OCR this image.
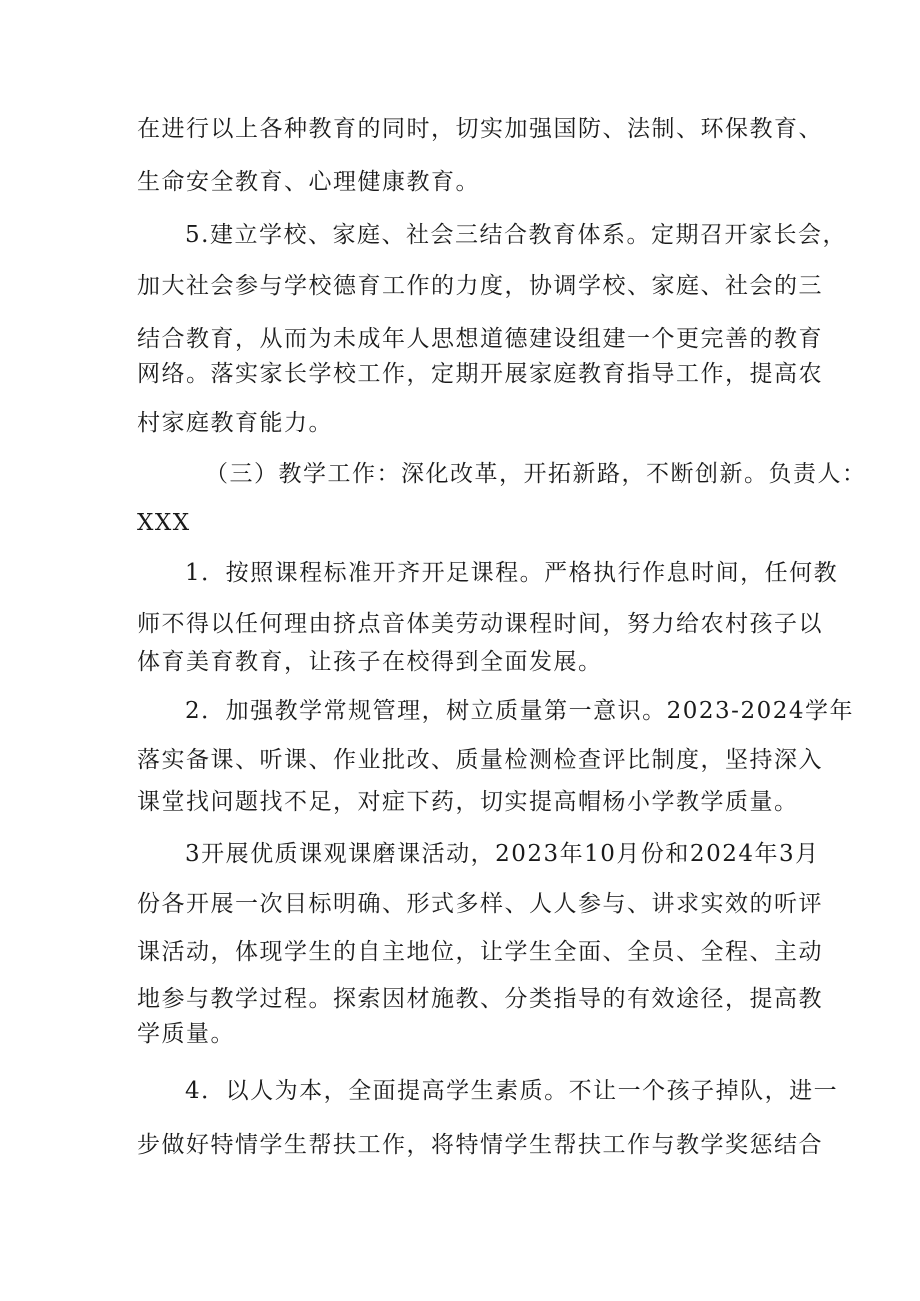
在进行以上各种教育的同时，切实加强国防、法制、环保教育、
生命安全教育、心理健康教育。
5.建立学校、家庭、社会三结合教育体系。定期召开家长会，
加大社会参与学校德育工作的力度，协调学校、家庭、社会的三
结合教育，从而为未成年人思想道德建设组建一个更完善的教育
网络。落实家长学校工作，定期开展家庭教育指导工作，提高农
村家庭教育能力。
（三）教学工作：深化改革，开拓新路，不断创新。负责人：
XXX
1．按照课程标准开齐开足课程。严格执行作息时间，任何教
师不得以任何理由挤点音体美劳动课程时间，努力给农村孩子以
体育美育教育，让孩子在校得到全面发展。
2．加强教学常规管理，树立质量第一意识。2023-2024学年
落实备课、听课、作业批改、质量检测检查评比制度，坚持深入
课堂找问题找不足，对症下药，切实提高帽杨小学教学质量。
3开展优质课观课磨课活动，2023年10月份和2024年3月
份各开展一次目标明确、形式多样、人人参与、讲求实效的听评
课活动，体现学生的自主地位，让学生全面、全员、全程、主动
地参与教学过程。探索因材施教、分类指导的有效途径，提高教
学质量。
4．以人为本，全面提高学生素质。不让一个孩子掉队，进一
步做好特情学生帮扶工作，将特情学生帮扶工作与教学奖惩结合
